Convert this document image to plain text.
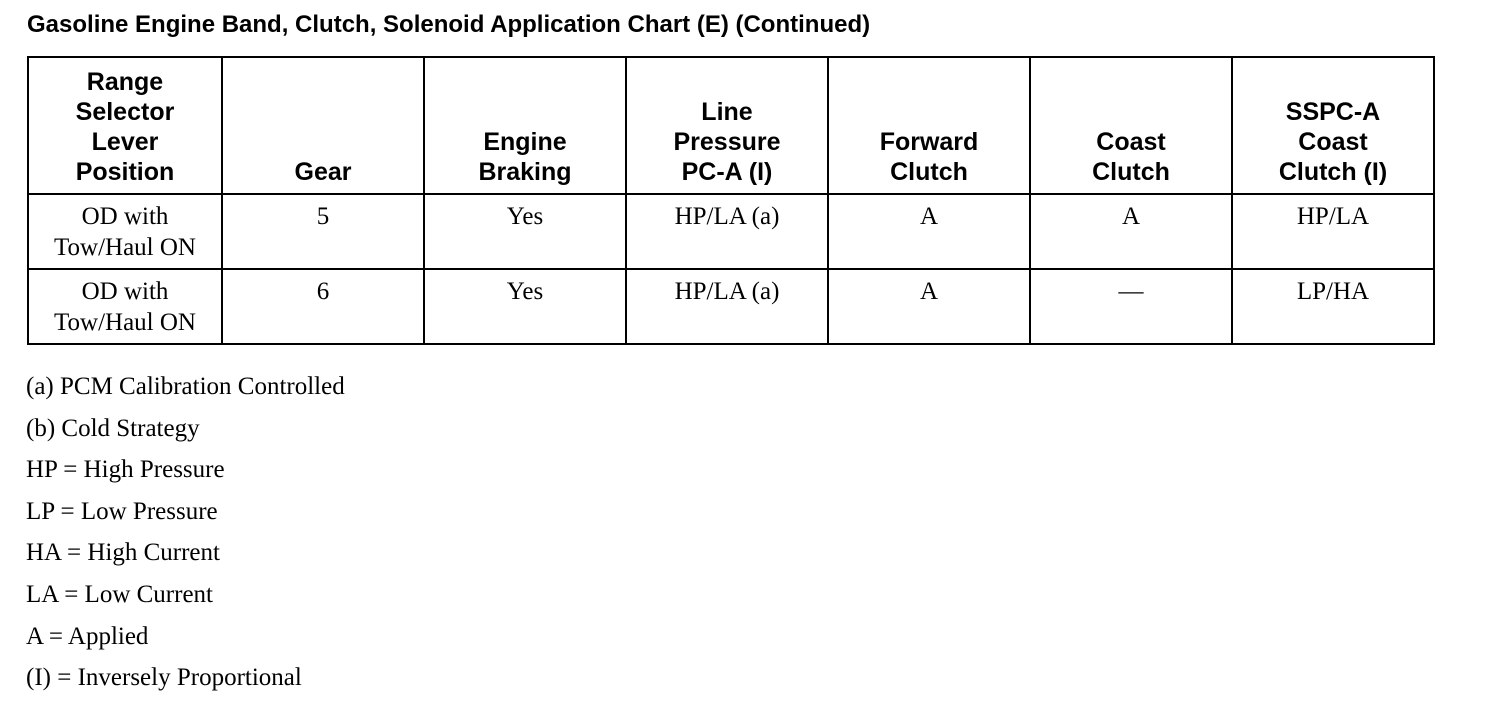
Gasoline Engine Band, Clutch, Solenoid Application Chart (E) (Continued)
Range
Selector
Lever
Position	Gear	Engine
Braking	Line
Pressure
PC-A (I)	Forward
Clutch	Coast
Clutch	SSPC-A
Coast
Clutch (I)
OD with
Tow/Haul ON	5	Yes	HP/LA (a)	A	A	HP/LA
OD with
Tow/Haul ON	6	Yes	HP/LA (a)	A	—	LP/HA
(a) PCM Calibration Controlled
(b) Cold Strategy
HP = High Pressure
LP = Low Pressure
HA = High Current
LA = Low Current
A = Applied
(I) = Inversely Proportional
